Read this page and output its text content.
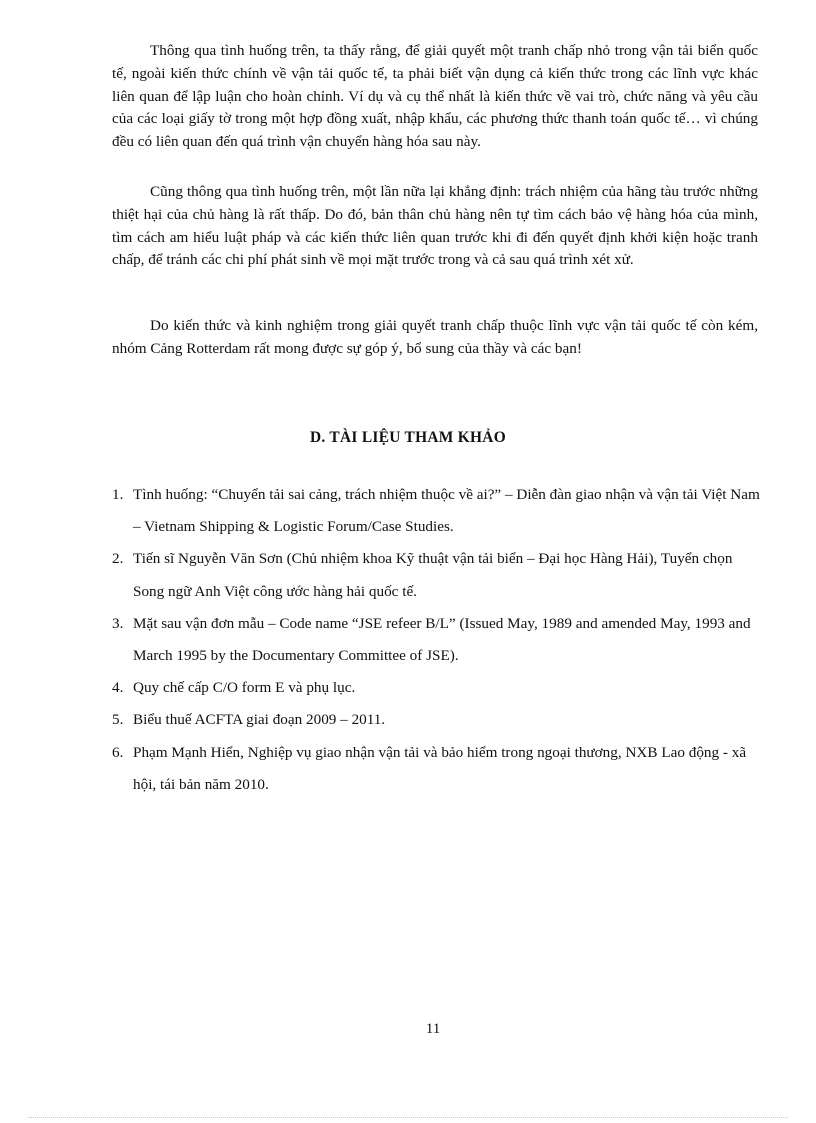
Thông qua tình huống trên, ta thấy rằng, để giải quyết một tranh chấp nhỏ trong vận tải biển quốc tế, ngoài kiến thức chính về vận tải quốc tế, ta phải biết vận dụng cả kiến thức trong các lĩnh vực khác liên quan để lập luận cho hoàn chỉnh. Ví dụ và cụ thể nhất là kiến thức về vai trò, chức năng và yêu cầu của các loại giấy tờ trong một hợp đồng xuất, nhập khẩu, các phương thức thanh toán quốc tế… vì chúng đều có liên quan đến quá trình vận chuyển hàng hóa sau này.

Cũng thông qua tình huống trên, một lần nữa lại khẳng định: trách nhiệm của hãng tàu trước những thiệt hại của chủ hàng là rất thấp. Do đó, bản thân chủ hàng nên tự tìm cách bảo vệ hàng hóa của mình, tìm cách am hiểu luật pháp và các kiến thức liên quan trước khi đi đến quyết định khởi kiện hoặc tranh chấp, để tránh các chi phí phát sinh về mọi mặt trước trong và cả sau quá trình xét xử.

Do kiến thức và kinh nghiệm trong giải quyết tranh chấp thuộc lĩnh vực vận tải quốc tế còn kém, nhóm Cảng Rotterdam rất mong được sự góp ý, bổ sung của thầy và các bạn!

D. TÀI LIỆU THAM KHẢO
1. Tình huống: “Chuyển tải sai cảng, trách nhiệm thuộc về ai?” – Diễn đàn giao nhận và vận tải Việt Nam – Vietnam Shipping & Logistic Forum/Case Studies.
2. Tiến sĩ Nguyễn Văn Sơn (Chủ nhiệm khoa Kỹ thuật vận tải biển – Đại học Hàng Hải), Tuyển chọn Song ngữ Anh Việt công ước hàng hải quốc tế.
3. Mặt sau vận đơn mẫu – Code name “JSE refeer B/L” (Issued May, 1989 and amended May, 1993 and March 1995 by the Documentary Committee of JSE).
4. Quy chế cấp C/O form E và phụ lục.
5. Biểu thuế ACFTA giai đoạn 2009 – 2011.
6. Phạm Mạnh Hiển, Nghiệp vụ giao nhận vận tải và bảo hiểm trong ngoại thương, NXB Lao động - xã hội, tái bản năm 2010.
11
